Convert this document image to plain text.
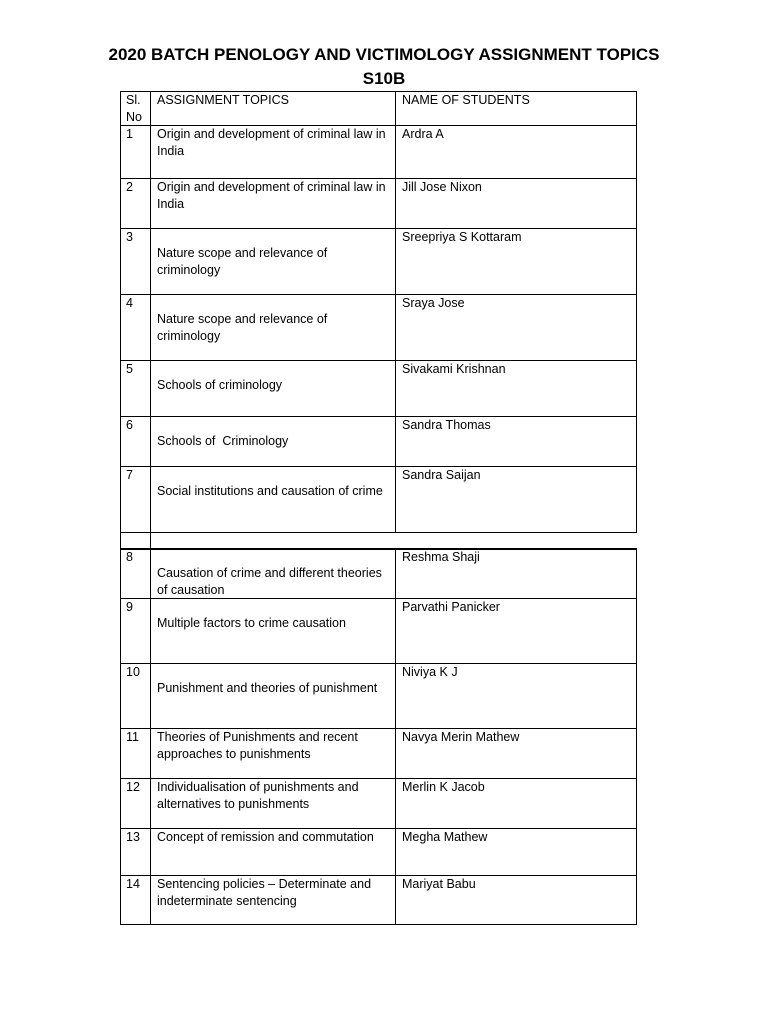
2020 BATCH PENOLOGY AND VICTIMOLOGY ASSIGNMENT TOPICS
S10B
Sl. No	ASSIGNMENT TOPICS	NAME OF STUDENTS
1	Origin and development of criminal law in India	Ardra A
2	Origin and development of criminal law in India	Jill Jose Nixon
3	Nature scope and relevance of criminology	Sreepriya S Kottaram
4	Nature scope and relevance of criminology	Sraya Jose
5	Schools of criminology	Sivakami Krishnan
6	Schools of  Criminology	Sandra Thomas
7	Social institutions and causation of crime	Sandra Saijan

8	Causation of crime and different theories of causation	Reshma Shaji
9	Multiple factors to crime causation	Parvathi Panicker
10	Punishment and theories of punishment	Niviya K J
11	Theories of Punishments and recent approaches to punishments	Navya Merin Mathew
12	Individualisation of punishments and alternatives to punishments	Merlin K Jacob
13	Concept of remission and commutation	Megha Mathew
14	Sentencing policies – Determinate and indeterminate sentencing	Mariyat Babu
